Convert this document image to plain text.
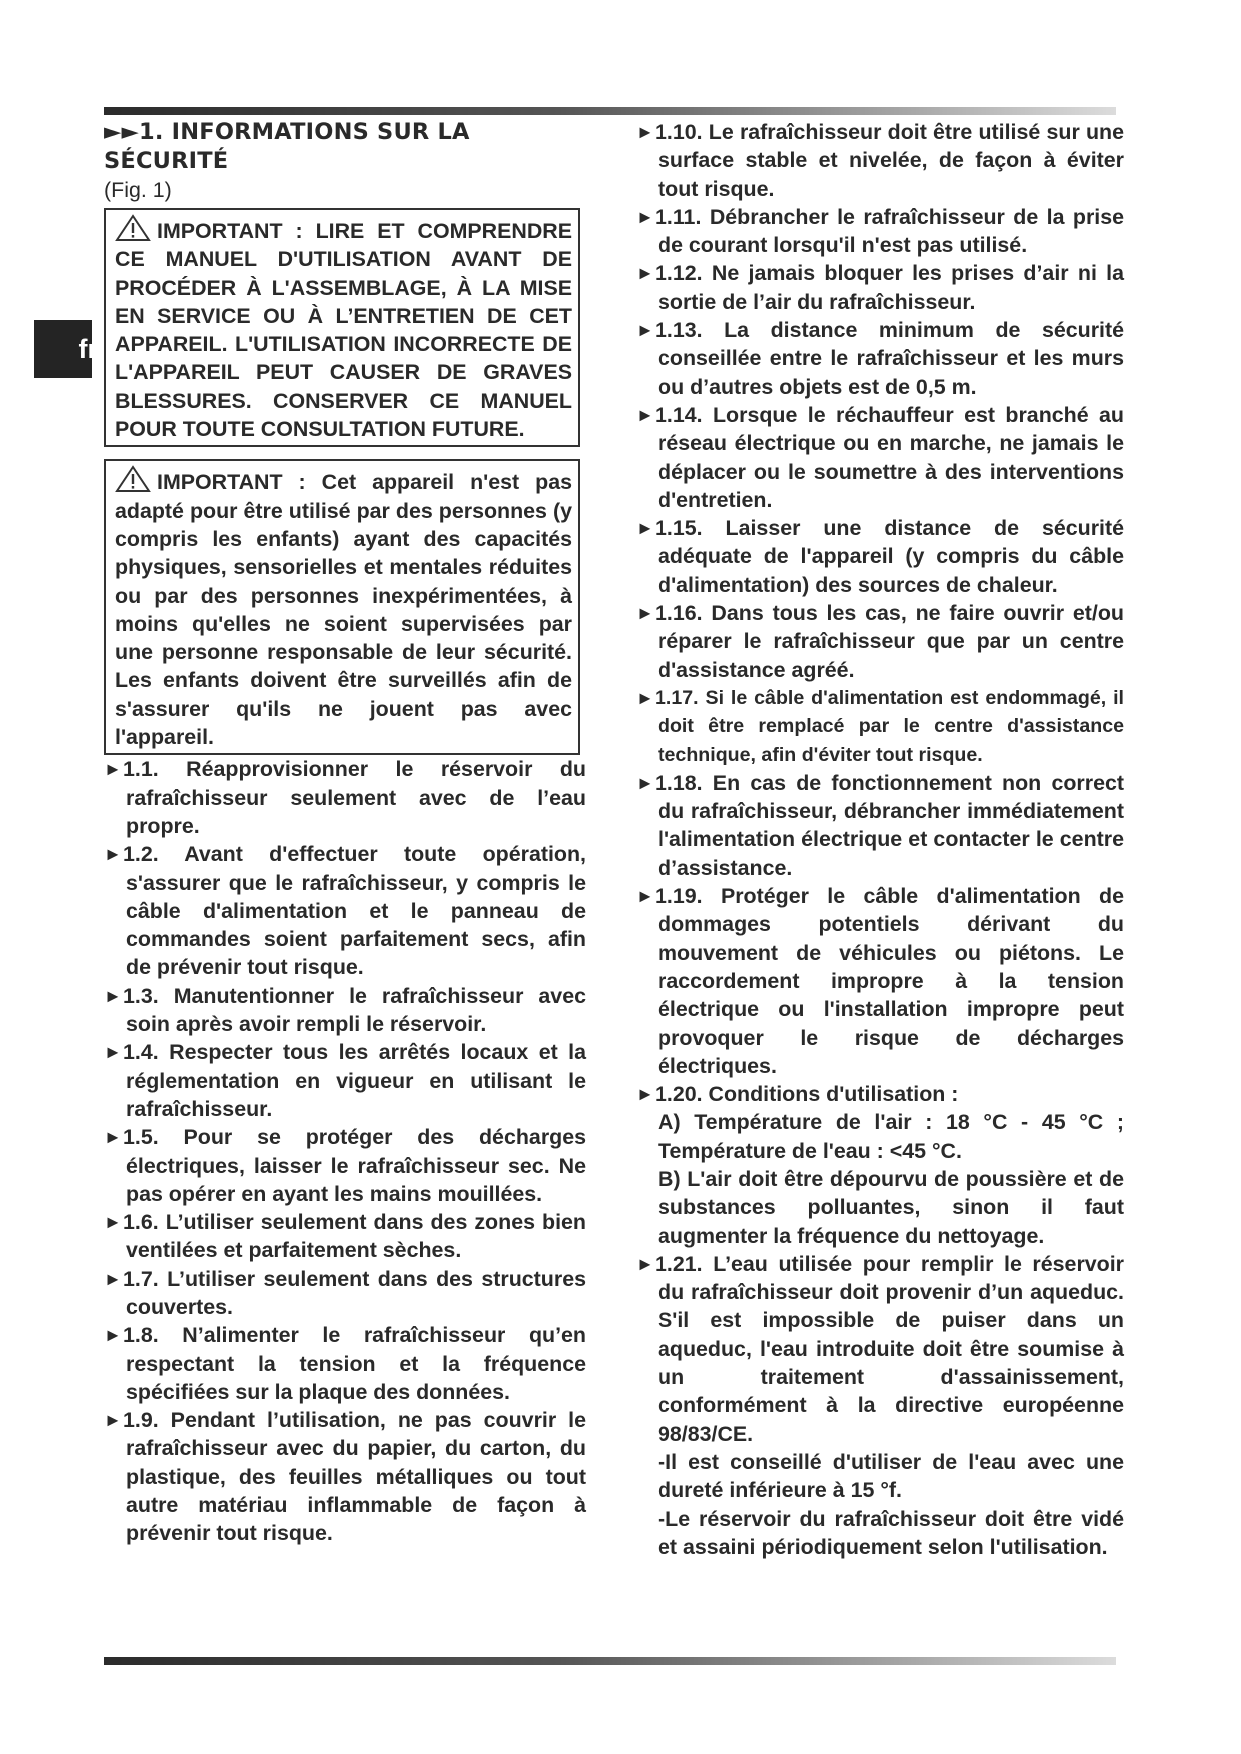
fr
►►1. INFORMATIONS SUR LA SÉCURITÉ
(Fig. 1)
IMPORTANT : LIRE ET COMPRENDRE CE MANUEL D'UTILISATION AVANT DE PROCÉDER À L'ASSEMBLAGE, À LA MISE EN SERVICE OU À L’ENTRETIEN DE CET APPAREIL. L'UTILISATION INCORRECTE DE L'APPAREIL PEUT CAUSER DE GRAVES BLESSURES. CONSERVER CE MANUEL POUR TOUTE CONSULTATION FUTURE.
IMPORTANT : Cet appareil n'est pas adapté pour être utilisé par des personnes (y compris les enfants) ayant des capacités physiques, sensorielles et mentales réduites ou par des personnes inexpérimentées, à moins qu'elles ne soient supervisées par une personne responsable de leur sécurité. Les enfants doivent être surveillés afin de s'assurer qu'ils ne jouent pas avec l'appareil.
► 1.1. Réapprovisionner le réservoir du rafraîchisseur seulement avec de l’eau propre.
► 1.2. Avant d'effectuer toute opération, s'assurer que le rafraîchisseur, y compris le câble d'alimentation et le panneau de commandes soient parfaitement secs, afin de prévenir tout risque.
► 1.3. Manutentionner le rafraîchisseur avec soin après avoir rempli le réservoir.
► 1.4. Respecter tous les arrêtés locaux et la réglementation en vigueur en utilisant le rafraîchisseur.
► 1.5. Pour se protéger des décharges électriques, laisser le rafraîchisseur sec. Ne pas opérer en ayant les mains mouillées.
► 1.6. L’utiliser seulement dans des zones bien ventilées et parfaitement sèches.
► 1.7. L’utiliser seulement dans des structures couvertes.
► 1.8. N’alimenter le rafraîchisseur qu’en respectant la tension et la fréquence spécifiées sur la plaque des données.
► 1.9. Pendant l’utilisation, ne pas couvrir le rafraîchisseur avec du papier, du carton, du plastique, des feuilles métalliques ou tout autre matériau inflammable de façon à prévenir tout risque.
► 1.10. Le rafraîchisseur doit être utilisé sur une surface stable et nivelée, de façon à éviter tout risque.
► 1.11. Débrancher le rafraîchisseur de la prise de courant lorsqu'il n'est pas utilisé.
► 1.12. Ne jamais bloquer les prises d’air ni la sortie de l’air du rafraîchisseur.
► 1.13. La distance minimum de sécurité conseillée entre le rafraîchisseur et les murs ou d’autres objets est de 0,5 m.
► 1.14. Lorsque le réchauffeur est branché au réseau électrique ou en marche, ne jamais le déplacer ou le soumettre à des interventions d'entretien.
► 1.15. Laisser une distance de sécurité adéquate de l'appareil (y compris du câble d'alimentation) des sources de chaleur.
► 1.16. Dans tous les cas, ne faire ouvrir et/ou réparer le rafraîchisseur que par un centre d'assistance agréé.
► 1.17. Si le câble d'alimentation est endommagé, il doit être remplacé par le centre d'assistance technique, afin d'éviter tout risque.
► 1.18. En cas de fonctionnement non correct du rafraîchisseur, débrancher immédiatement l'alimentation électrique et contacter le centre d’assistance.
► 1.19. Protéger le câble d'alimentation de dommages potentiels dérivant du mouvement de véhicules ou piétons. Le raccordement impropre à la tension électrique ou l'installation impropre peut provoquer le risque de décharges électriques.
► 1.20. Conditions d'utilisation :
A) Température de l'air : 18 °C - 45 °C ; Température de l'eau : <45 °C.
B) L'air doit être dépourvu de poussière et de substances polluantes, sinon il faut augmenter la fréquence du nettoyage.
► 1.21. L’eau utilisée pour remplir le réservoir du rafraîchisseur doit provenir d’un aqueduc. S'il est impossible de puiser dans un aqueduc, l'eau introduite doit être soumise à un traitement d'assainissement, conformément à la directive européenne 98/83/CE.
-Il est conseillé d'utiliser de l'eau avec une dureté inférieure à 15 °f.
-Le réservoir du rafraîchisseur doit être vidé et assaini périodiquement selon l'utilisation.
